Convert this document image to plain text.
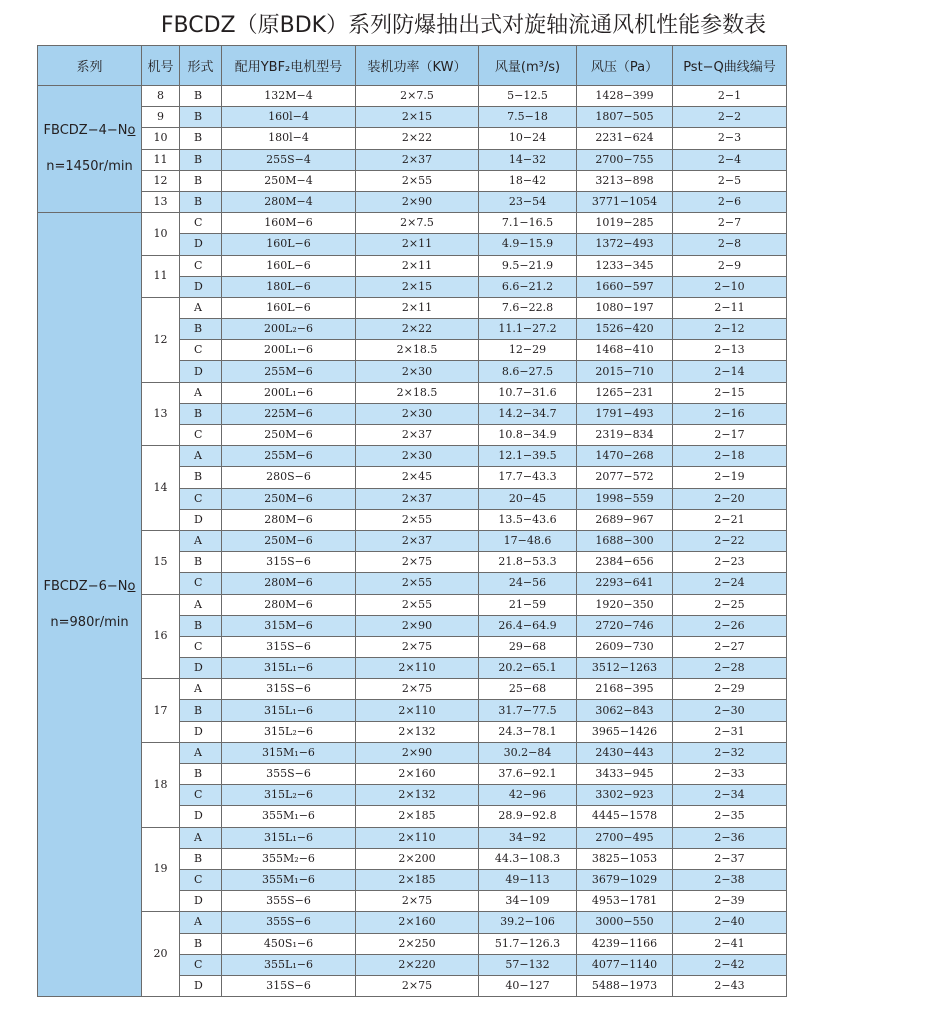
FBCDZ（原BDK）系列防爆抽出式对旋轴流通风机性能参数表
系列	机号	形式	配用YBF₂电机型号	装机功率（KW）	风量(m³/s)	风压（Pa）	Pst−Q曲线编号

FBCDZ−4−No
n=1450r/min	8	B	132M−4	2×7.5	5−12.5	1428−399	2−1
	9	B	160l−4	2×15	7.5−18	1807−505	2−2
	10	B	180l−4	2×22	10−24	2231−624	2−3
	11	B	255S−4	2×37	14−32	2700−755	2−4
	12	B	250M−4	2×55	18−42	3213−898	2−5
	13	B	280M−4	2×90	23−54	3771−1054	2−6

FBCDZ−6−No
n=980r/min	10	C	160M−6	2×7.5	7.1−16.5	1019−285	2−7
		D	160L−6	2×11	4.9−15.9	1372−493	2−8
	11	C	160L−6	2×11	9.5−21.9	1233−345	2−9
		D	180L−6	2×15	6.6−21.2	1660−597	2−10
	12	A	160L−6	2×11	7.6−22.8	1080−197	2−11
		B	200L₂−6	2×22	11.1−27.2	1526−420	2−12
		C	200L₁−6	2×18.5	12−29	1468−410	2−13
		D	255M−6	2×30	8.6−27.5	2015−710	2−14
	13	A	200L₁−6	2×18.5	10.7−31.6	1265−231	2−15
		B	225M−6	2×30	14.2−34.7	1791−493	2−16
		C	250M−6	2×37	10.8−34.9	2319−834	2−17
	14	A	255M−6	2×30	12.1−39.5	1470−268	2−18
		B	280S−6	2×45	17.7−43.3	2077−572	2−19
		C	250M−6	2×37	20−45	1998−559	2−20
		D	280M−6	2×55	13.5−43.6	2689−967	2−21
	15	A	250M−6	2×37	17−48.6	1688−300	2−22
		B	315S−6	2×75	21.8−53.3	2384−656	2−23
		C	280M−6	2×55	24−56	2293−641	2−24
	16	A	280M−6	2×55	21−59	1920−350	2−25
		B	315M−6	2×90	26.4−64.9	2720−746	2−26
		C	315S−6	2×75	29−68	2609−730	2−27
		D	315L₁−6	2×110	20.2−65.1	3512−1263	2−28
	17	A	315S−6	2×75	25−68	2168−395	2−29
		B	315L₁−6	2×110	31.7−77.5	3062−843	2−30
		D	315L₂−6	2×132	24.3−78.1	3965−1426	2−31
	18	A	315M₁−6	2×90	30.2−84	2430−443	2−32
		B	355S−6	2×160	37.6−92.1	3433−945	2−33
		C	315L₂−6	2×132	42−96	3302−923	2−34
		D	355M₁−6	2×185	28.9−92.8	4445−1578	2−35
	19	A	315L₁−6	2×110	34−92	2700−495	2−36
		B	355M₂−6	2×200	44.3−108.3	3825−1053	2−37
		C	355M₁−6	2×185	49−113	3679−1029	2−38
		D	355S−6	2×75	34−109	4953−1781	2−39
	20	A	355S−6	2×160	39.2−106	3000−550	2−40
		B	450S₁−6	2×250	51.7−126.3	4239−1166	2−41
		C	355L₁−6	2×220	57−132	4077−1140	2−42
		D	315S−6	2×75	40−127	5488−1973	2−43
